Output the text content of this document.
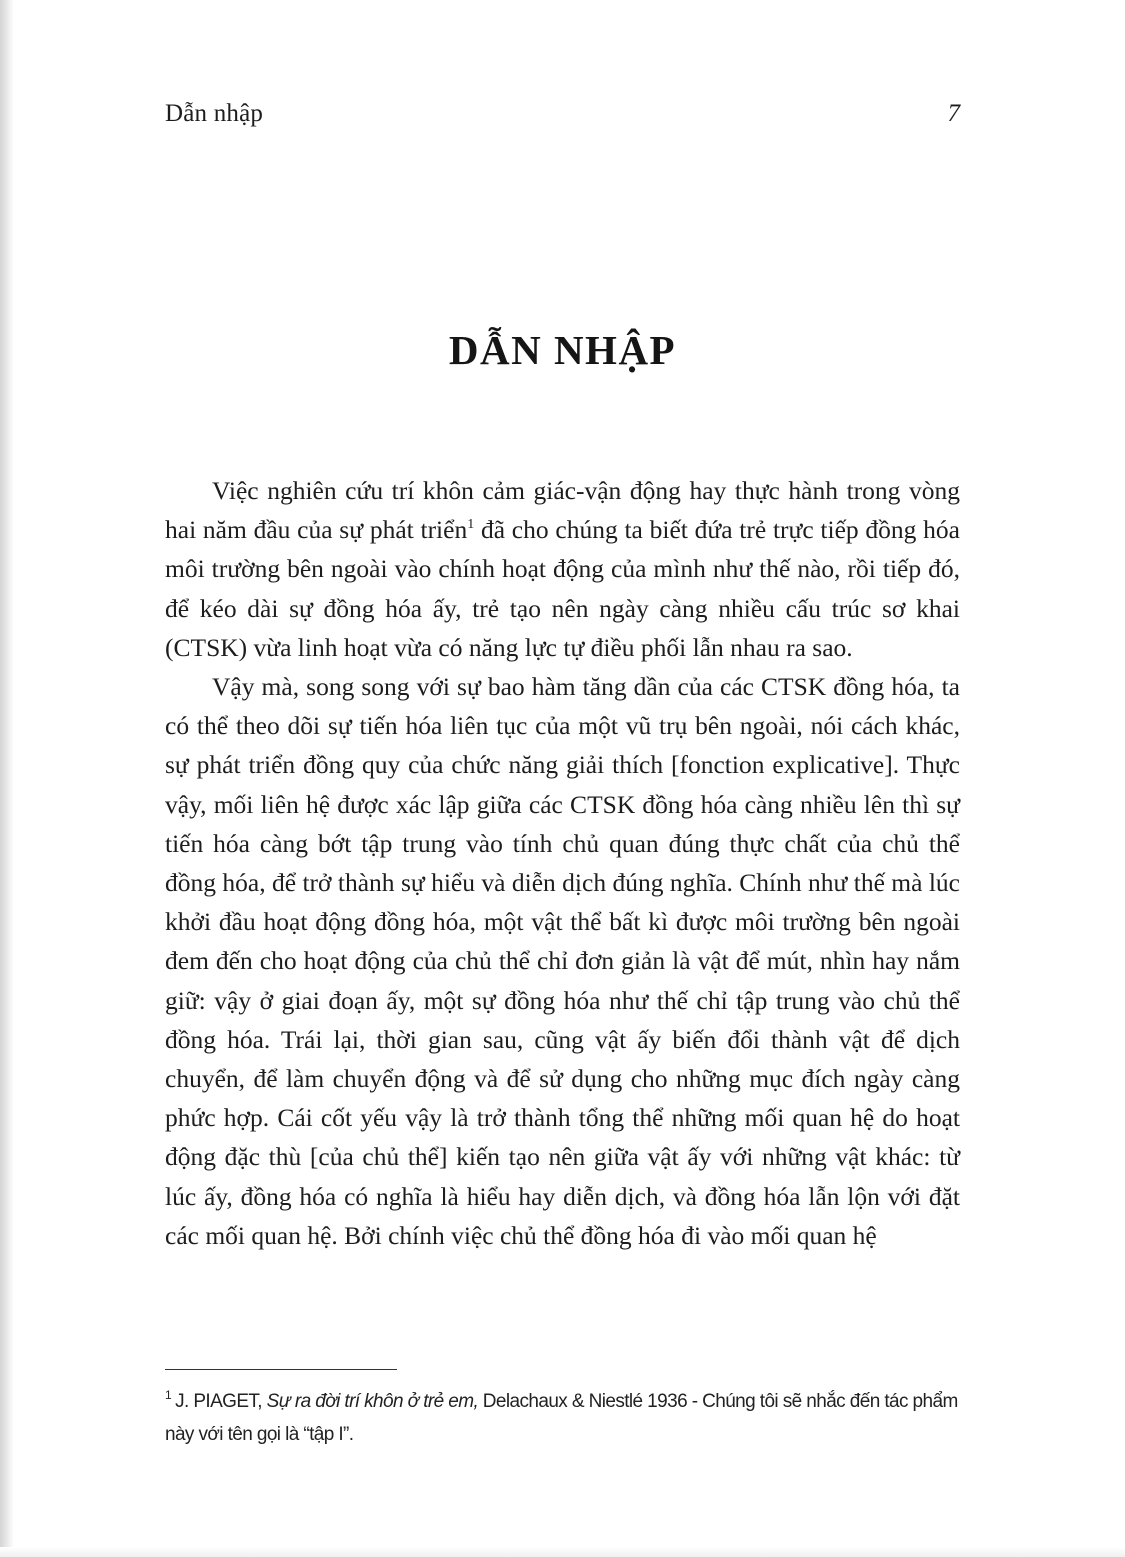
Dẫn nhập	7
DẪN NHẬP

Việc nghiên cứu trí khôn cảm giác-vận động hay thực hành trong vòng hai năm đầu của sự phát triển$^1$ đã cho chúng ta biết đứa trẻ trực tiếp đồng hóa môi trường bên ngoài vào chính hoạt động của mình như thế nào, rồi tiếp đó, để kéo dài sự đồng hóa ấy, trẻ tạo nên ngày càng nhiều cấu trúc sơ khai (CTSK) vừa linh hoạt vừa có năng lực tự điều phối lẫn nhau ra sao.

Vậy mà, song song với sự bao hàm tăng dần của các CTSK đồng hóa, ta có thể theo dõi sự tiến hóa liên tục của một vũ trụ bên ngoài, nói cách khác, sự phát triển đồng quy của chức năng giải thích [fonction explicative]. Thực vậy, mối liên hệ được xác lập giữa các CTSK đồng hóa càng nhiều lên thì sự tiến hóa càng bớt tập trung vào tính chủ quan đúng thực chất của chủ thể đồng hóa, để trở thành sự hiểu và diễn dịch đúng nghĩa. Chính như thế mà lúc khởi đầu hoạt động đồng hóa, một vật thể bất kì được môi trường bên ngoài đem đến cho hoạt động của chủ thể chỉ đơn giản là vật để mút, nhìn hay nắm giữ: vậy ở giai đoạn ấy, một sự đồng hóa như thế chỉ tập trung vào chủ thể đồng hóa. Trái lại, thời gian sau, cũng vật ấy biến đổi thành vật để dịch chuyển, để làm chuyển động và để sử dụng cho những mục đích ngày càng phức hợp. Cái cốt yếu vậy là trở thành tổng thể những mối quan hệ do hoạt động đặc thù [của chủ thể] kiến tạo nên giữa vật ấy với những vật khác: từ lúc ấy, đồng hóa có nghĩa là hiểu hay diễn dịch, và đồng hóa lẫn lộn với đặt các mối quan hệ. Bởi chính việc chủ thể đồng hóa đi vào mối quan hệ

$^1$ J. PIAGET, Sự ra đời trí khôn ở trẻ em, Delachaux & Niestlé 1936 - Chúng tôi sẽ nhắc đến tác phẩm này với tên gọi là “tập I”.
